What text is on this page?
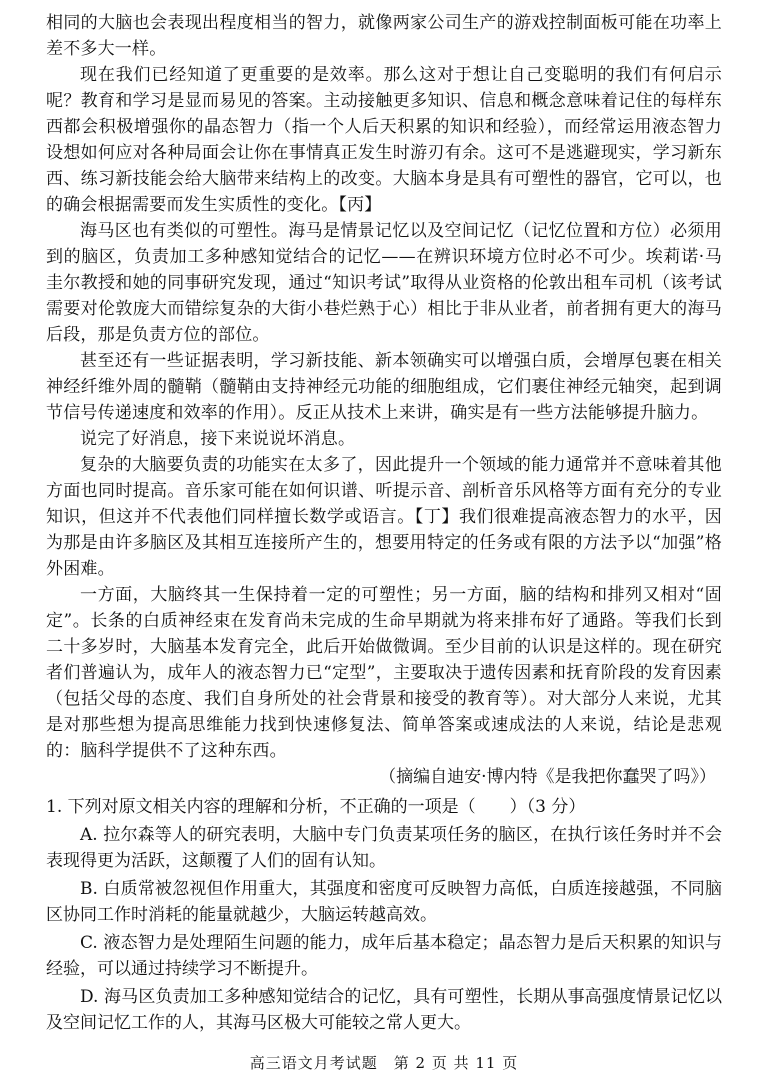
相同的大脑也会表现出程度相当的智力，就像两家公司生产的游戏控制面板可能在功率上差不多大一样。

现在我们已经知道了更重要的是效率。那么这对于想让自己变聪明的我们有何启示呢？教育和学习是显而易见的答案。主动接触更多知识、信息和概念意味着记住的每样东西都会积极增强你的晶态智力（指一个人后天积累的知识和经验），而经常运用液态智力设想如何应对各种局面会让你在事情真正发生时游刃有余。这可不是逃避现实，学习新东西、练习新技能会给大脑带来结构上的改变。大脑本身是具有可塑性的器官，它可以，也的确会根据需要而发生实质性的变化。【丙】

海马区也有类似的可塑性。海马是情景记忆以及空间记忆（记忆位置和方位）必须用到的脑区，负责加工多种感知觉结合的记忆——在辨识环境方位时必不可少。埃莉诺·马圭尔教授和她的同事研究发现，通过“知识考试”取得从业资格的伦敦出租车司机（该考试需要对伦敦庞大而错综复杂的大街小巷烂熟于心）相比于非从业者，前者拥有更大的海马后段，那是负责方位的部位。

甚至还有一些证据表明，学习新技能、新本领确实可以增强白质，会增厚包裹在相关神经纤维外周的髓鞘（髓鞘由支持神经元功能的细胞组成，它们裹住神经元轴突，起到调节信号传递速度和效率的作用）。反正从技术上来讲，确实是有一些方法能够提升脑力。

说完了好消息，接下来说说坏消息。

复杂的大脑要负责的功能实在太多了，因此提升一个领域的能力通常并不意味着其他方面也同时提高。音乐家可能在如何识谱、听提示音、剖析音乐风格等方面有充分的专业知识，但这并不代表他们同样擅长数学或语言。【丁】我们很难提高液态智力的水平，因为那是由许多脑区及其相互连接所产生的，想要用特定的任务或有限的方法予以“加强”格外困难。

一方面，大脑终其一生保持着一定的可塑性；另一方面，脑的结构和排列又相对“固定”。长条的白质神经束在发育尚未完成的生命早期就为将来排布好了通路。等我们长到二十多岁时，大脑基本发育完全，此后开始做微调。至少目前的认识是这样的。现在研究者们普遍认为，成年人的液态智力已“定型”，主要取决于遗传因素和抚育阶段的发育因素（包括父母的态度、我们自身所处的社会背景和接受的教育等）。对大部分人来说，尤其是对那些想为提高思维能力找到快速修复法、简单答案或速成法的人来说，结论是悲观的：脑科学提供不了这种东西。

（摘编自迪安·博内特《是我把你蠢哭了吗》）

1. 下列对原文相关内容的理解和分析，不正确的一项是（　　）（3 分）

A. 拉尔森等人的研究表明，大脑中专门负责某项任务的脑区，在执行该任务时并不会表现得更为活跃，这颠覆了人们的固有认知。

B. 白质常被忽视但作用重大，其强度和密度可反映智力高低，白质连接越强，不同脑区协同工作时消耗的能量就越少，大脑运转越高效。

C. 液态智力是处理陌生问题的能力，成年后基本稳定；晶态智力是后天积累的知识与经验，可以通过持续学习不断提升。

D. 海马区负责加工多种感知觉结合的记忆，具有可塑性，长期从事高强度情景记忆以及空间记忆工作的人，其海马区极大可能较之常人更大。

高三语文月考试题　第 2 页 共 11 页
